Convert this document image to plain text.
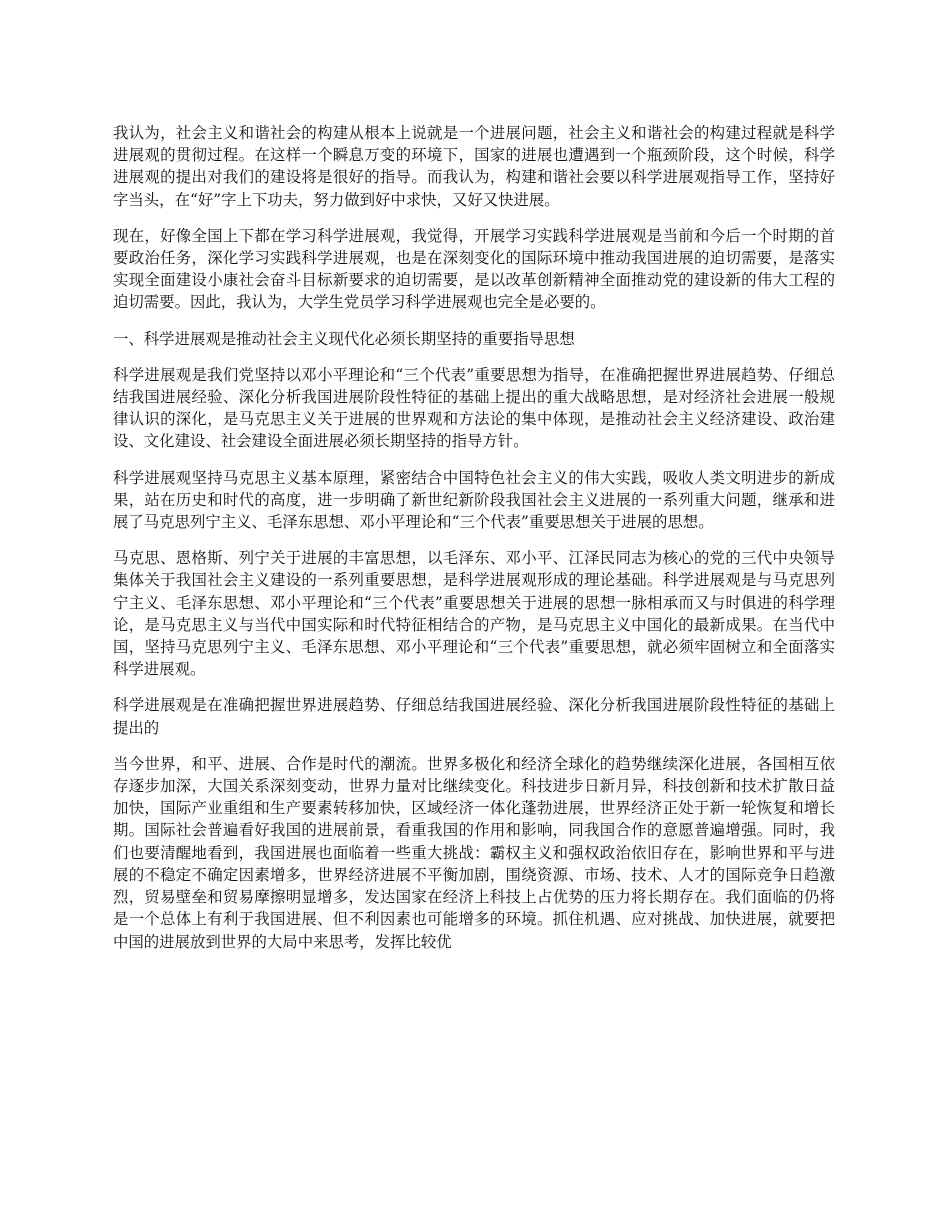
我认为，社会主义和谐社会的构建从根本上说就是一个进展问题，社会主义和谐社会的构建过程就是科学进展观的贯彻过程。在这样一个瞬息万变的环境下，国家的进展也遭遇到一个瓶颈阶段，这个时候，科学进展观的提出对我们的建设将是很好的指导。而我认为，构建和谐社会要以科学进展观指导工作，坚持好字当头，在“好”字上下功夫，努力做到好中求快，又好又快进展。

现在，好像全国上下都在学习科学进展观，我觉得，开展学习实践科学进展观是当前和今后一个时期的首要政治任务，深化学习实践科学进展观，也是在深刻变化的国际环境中推动我国进展的迫切需要，是落实实现全面建设小康社会奋斗目标新要求的迫切需要，是以改革创新精神全面推动党的建设新的伟大工程的迫切需要。因此，我认为，大学生党员学习科学进展观也完全是必要的。

一、科学进展观是推动社会主义现代化必须长期坚持的重要指导思想

科学进展观是我们党坚持以邓小平理论和“三个代表”重要思想为指导，在准确把握世界进展趋势、仔细总结我国进展经验、深化分析我国进展阶段性特征的基础上提出的重大战略思想，是对经济社会进展一般规律认识的深化，是马克思主义关于进展的世界观和方法论的集中体现，是推动社会主义经济建设、政治建设、文化建设、社会建设全面进展必须长期坚持的指导方针。

科学进展观坚持马克思主义基本原理，紧密结合中国特色社会主义的伟大实践，吸收人类文明进步的新成果，站在历史和时代的高度，进一步明确了新世纪新阶段我国社会主义进展的一系列重大问题，继承和进展了马克思列宁主义、毛泽东思想、邓小平理论和“三个代表”重要思想关于进展的思想。

马克思、恩格斯、列宁关于进展的丰富思想，以毛泽东、邓小平、江泽民同志为核心的党的三代中央领导集体关于我国社会主义建设的一系列重要思想，是科学进展观形成的理论基础。科学进展观是与马克思列宁主义、毛泽东思想、邓小平理论和“三个代表”重要思想关于进展的思想一脉相承而又与时俱进的科学理论，是马克思主义与当代中国实际和时代特征相结合的产物，是马克思主义中国化的最新成果。在当代中国，坚持马克思列宁主义、毛泽东思想、邓小平理论和“三个代表”重要思想，就必须牢固树立和全面落实科学进展观。

科学进展观是在准确把握世界进展趋势、仔细总结我国进展经验、深化分析我国进展阶段性特征的基础上提出的

当今世界，和平、进展、合作是时代的潮流。世界多极化和经济全球化的趋势继续深化进展，各国相互依存逐步加深，大国关系深刻变动，世界力量对比继续变化。科技进步日新月异，科技创新和技术扩散日益加快，国际产业重组和生产要素转移加快，区域经济一体化蓬勃进展，世界经济正处于新一轮恢复和增长期。国际社会普遍看好我国的进展前景，看重我国的作用和影响，同我国合作的意愿普遍增强。同时，我们也要清醒地看到，我国进展也面临着一些重大挑战：霸权主义和强权政治依旧存在，影响世界和平与进展的不稳定不确定因素增多，世界经济进展不平衡加剧，围绕资源、市场、技术、人才的国际竞争日趋激烈，贸易壁垒和贸易摩擦明显增多，发达国家在经济上科技上占优势的压力将长期存在。我们面临的仍将是一个总体上有利于我国进展、但不利因素也可能增多的环境。抓住机遇、应对挑战、加快进展，就要把中国的进展放到世界的大局中来思考，发挥比较优
